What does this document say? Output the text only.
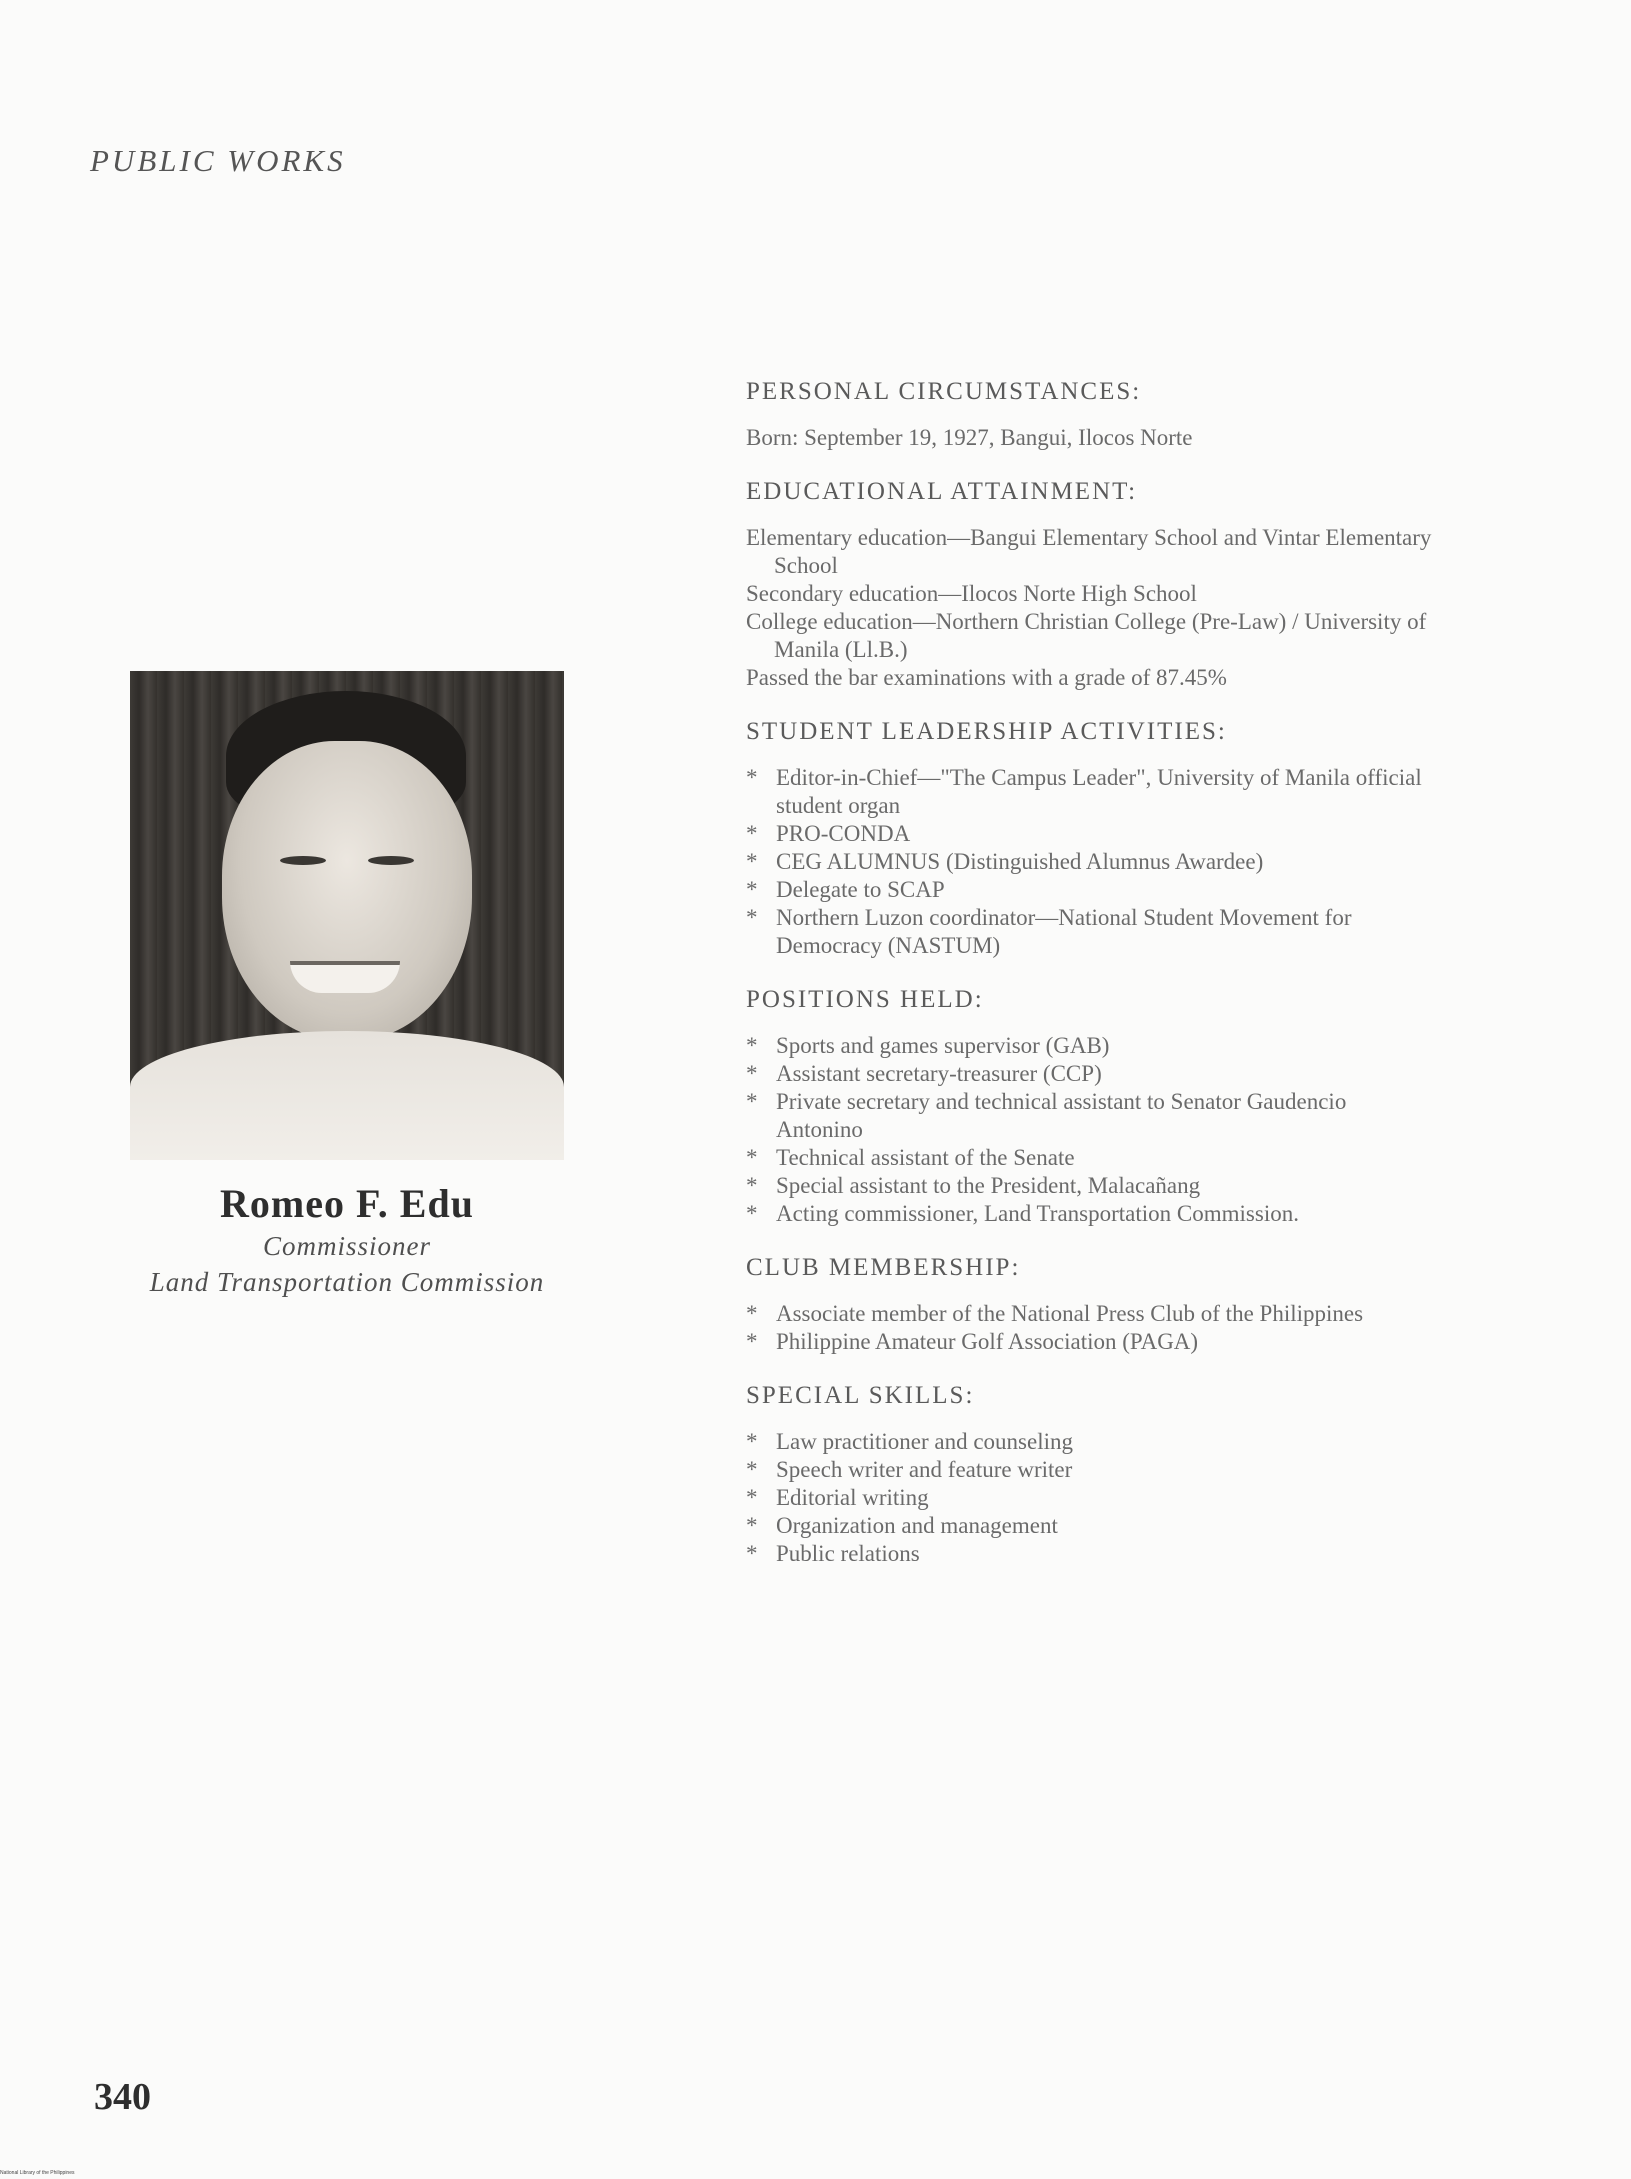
PUBLIC WORKS
Romeo F. Edu
Commissioner
Land Transportation Commission
PERSONAL CIRCUMSTANCES:
Born: September 19, 1927, Bangui, Ilocos Norte
EDUCATIONAL ATTAINMENT:
Elementary education—Bangui Elementary School and Vintar Elementary School
Secondary education—Ilocos Norte High School
College education—Northern Christian College (Pre-Law) / University of Manila (Ll.B.)
Passed the bar examinations with a grade of 87.45%
STUDENT LEADERSHIP ACTIVITIES:
* Editor-in-Chief—"The Campus Leader", University of Manila official student organ
* PRO-CONDA
* CEG ALUMNUS (Distinguished Alumnus Awardee)
* Delegate to SCAP
* Northern Luzon coordinator—National Student Movement for Democracy (NASTUM)
POSITIONS HELD:
* Sports and games supervisor (GAB)
* Assistant secretary-treasurer (CCP)
* Private secretary and technical assistant to Senator Gaudencio Antonino
* Technical assistant of the Senate
* Special assistant to the President, Malacañang
* Acting commissioner, Land Transportation Commission.
CLUB MEMBERSHIP:
* Associate member of the National Press Club of the Philippines
* Philippine Amateur Golf Association (PAGA)
SPECIAL SKILLS:
* Law practitioner and counseling
* Speech writer and feature writer
* Editorial writing
* Organization and management
* Public relations
340
National Library of the Philippines
